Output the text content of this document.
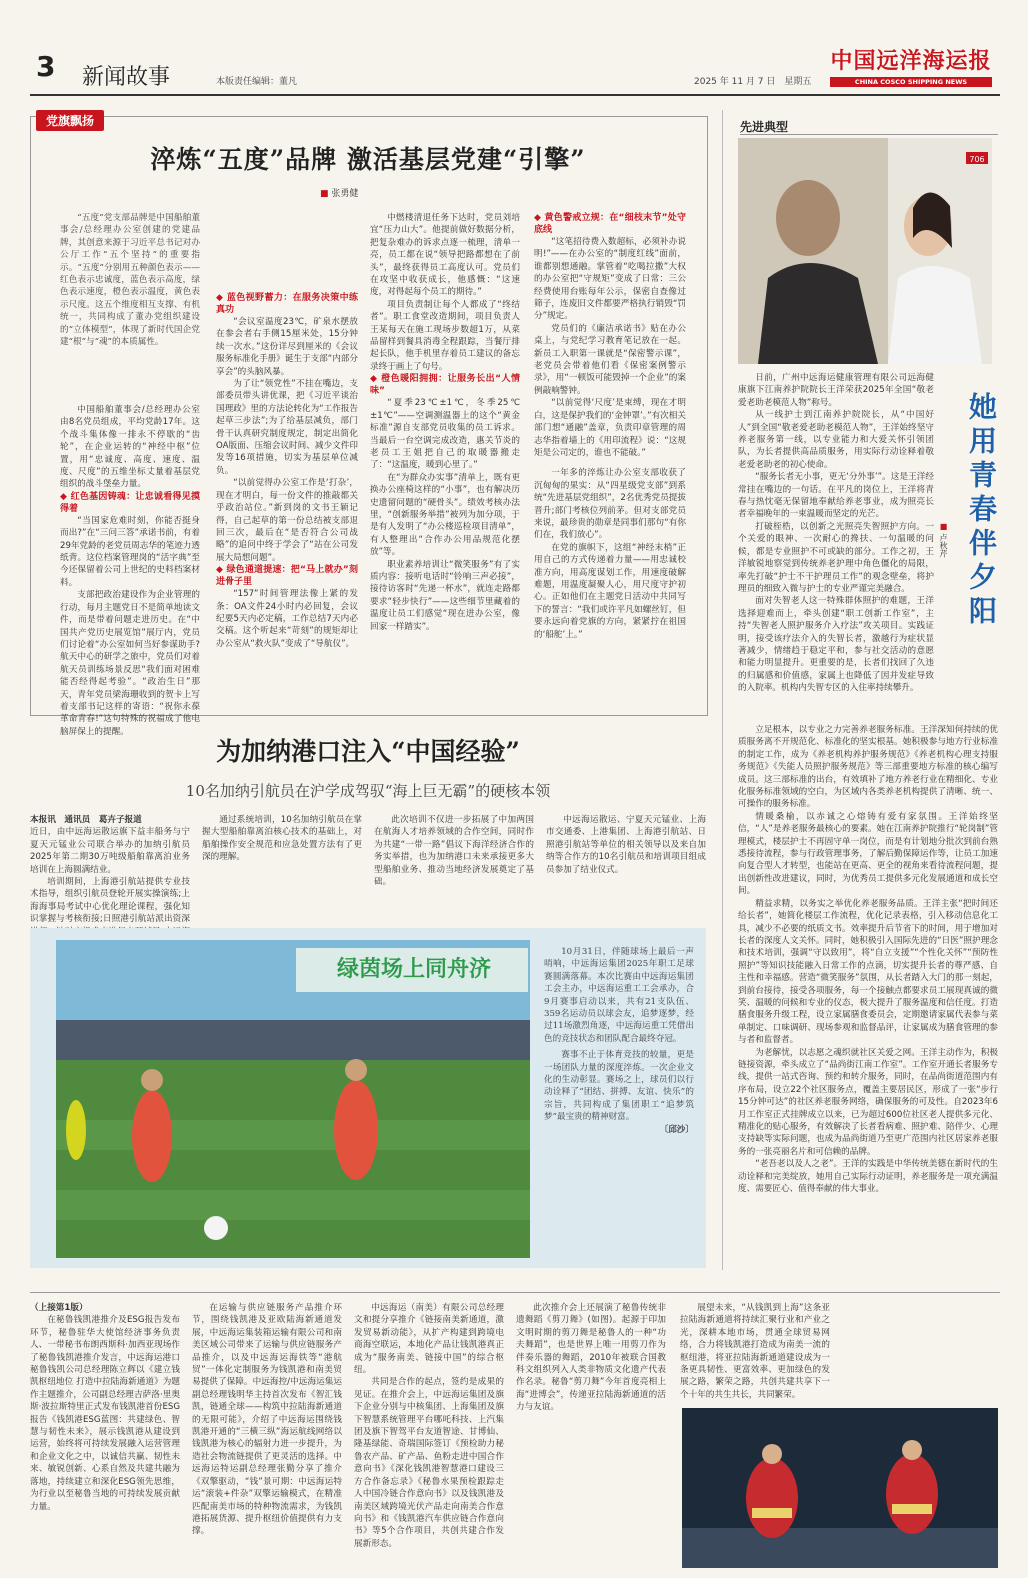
3 新闻故事	本版责任编辑：董凡	2025 年 11 月 7 日　星期五
中国远洋海运报
CHINA COSCO SHIPPING NEWS
党旗飘扬
淬炼“五度”品牌 激活基层党建“引擎”
■ 张勇健

“五度”党支部品牌是中国船舶董事会/总经理办公室创建的党建品牌，其创意来源于习近平总书记对办公厅工作“五个坚持”的重要指示。“五度”分别用五种颜色表示——红色表示忠诚度，蓝色表示高度，绿色表示速度，橙色表示温度，黄色表示尺度。这五个维度相互支撑、有机统一，共同构成了董办党组织建设的“立体模型”，体现了新时代国企党建“根”与“魂”的本质属性。

中国船舶董事会/总经理办公室由8名党员组成，平均党龄17年。这个战斗集体像一排永不停歇的“齿轮”，在企业运转的“神经中枢”位置，用“忠诚度、高度、速度、温度、尺度”的五维坐标丈量着基层党组织的战斗堡垒力量。

◆ 红色基因铸魂：让忠诚看得见摸得着

“当国家危难时刻，你能否挺身而出?”在“三问三答”承诺书前，有着29年党龄的老党员周志华的笔迹力透纸背。这位档案管理岗的“活字典”至今还保留着公司上世纪的史料档案材料。

支部把政治建设作为企业管理的行动，每月主题党日不是简单地读文件，而是带着问题走进历史。在“中国共产党历史展览馆”展厅内，党员们讨论着“办公室如何当好参谋助手?航天中心的研学之旅中，党员们对着航天员训练场景反思“我们面对困难能否经得起考验”。“政治生日”那天，青年党员梁海珊收到的贺卡上写着支部书记这样的寄语：“祝你永葆革命青春!”这句特殊的祝福成了他电脑屏保上的提醒。

◆ 蓝色视野蓄力：在服务决策中练真功

“会议室温度23℃，矿泉水摆放在参会者右手侧15厘米处，15分钟续一次水。”这份详尽到厘米的《会议服务标准化手册》诞生于支部“内部分享会”的头脑风暴。

为了让“领党性”不挂在嘴边，支部委员带头讲优课，把《习近平谈治国理政》里的方法论转化为“工作报告起草三步法”;为了给基层减负，部门骨干认真研究制度规定，制定出简化OA版面、压缩会议时间、减少文件印发等16项措施，切实为基层单位减负。

“以前觉得办公室工作是‘打杂’，现在才明白，每一份文件的推敲都关乎政治站位。”新到岗的文书王颖记得，自己起草的第一份总结被支部退回三次，最后在“是否符合公司战略”的追问中终于学会了“站在公司发展大局想问题”。

◆ 绿色通道提速：把“马上就办”刻进骨子里

“157”时间管理法像上紧的发条：OA文件24小时内必回复，会议纪要5天内必定稿，工作总结7天内必交稿。这个听起来“苛刻”的规矩却让办公室从“救火队”变成了“导航仪”。

中燃楼清退任务下达时，党员刘培宜“压力山大”。他提前做好数据分析，把复杂难办的诉求点逐一梳理，清单一亮，员工都在说“领导把路都想在了前头”，最终获得员工高度认可。党员们在攻坚中收获成长，他感慨：“这速度，对得起每个员工的期待。”

项目负责制让每个人都成了“终结者”。职工食堂改造期间，项目负责人王某每天在施工现场步数超1万，从菜品留样到餐具消毒全程跟踪，当餐厅排起长队，他手机里存着员工建议的备忘录终于画上了句号。

◆ 橙色暖阳拥拥：让服务长出“人情味”

“夏季23℃±1℃，冬季25℃±1℃”——空调测温器上的这个“黄金标准”源自支部党员收集的员工诉求。当最后一台空调完成改造，惠关节炎的老员工王姐把自己的取暖器搬走了：“这温度，暖到心里了。”

在“为群众办实事”清单上，既有更换办公座椅这样的“小事”，也有解决历史遗留问题的“硬骨头”。绩效考核办法里，“创新服务举措”被列为加分项，于是有人发明了“办公楼巡检项目清单”，有人整理出“合作办公用品规范化摆放”等。

职业素养培训让“微笑服务”有了实质内容：接听电话时“铃响三声必接”，接待访客时“先递一杯水”，就连走路都要求“轻步快行”——这些细节里藏着的温度让员工们感觉“现在进办公室，像回家一样踏实”。

◆ 黄色警戒立规：在“细枝末节”处守底线

“这笔招待费入数超标，必须补办说明!”——在办公室的“制度红线”面前，谁都别想通融。掌管着“吃喝拉撒”大权的办公室把“守规矩”变成了日常：三公经费使用台账每年公示，保密自查像过筛子，连废旧文件都要严格执行销毁“罚分”规定。

党员们的《廉洁承诺书》贴在办公桌上，与党纪学习教育笔记放在一起。新员工入职第一课就是“保密警示课”，老党员会带着他们看《保密案例警示录》，用“一顿饭可能毁掉一个企业”的案例敲响警钟。

“以前觉得‘尺度’是束缚，现在才明白，这是保护我们的‘金钟罩’。”有次相关部门想“通融”盖章，负责印章管理的周志华指着墙上的《用印流程》说：“这规矩是公司定的，谁也不能破。”

一年多的淬炼让办公室支部收获了沉甸甸的果实：从“四星级党支部”到系统“先进基层党组织”，2名优秀党员提拔晋升;部门考核位列前茅。但对支部党员来说，最珍贵的勋章是同事们那句“有你们在，我们放心”。

在党的旗帜下，这组“神经末梢”正用自己的方式传递着力量——用忠诚校准方向，用高度谋划工作，用速度破解难题，用温度凝聚人心，用尺度守护初心。正如他们在主题党日活动中共同写下的誓言：“我们或许平凡如螺丝钉，但要永远向着党旗的方向，紧紧拧在祖国的‘船舵’上。”

先进典型
706
她用青春伴夕阳
■ 卢秋芹

日前，广州中远海运健康管理有限公司远海健康旗下江南养护院院长王洋荣获2025年全国“敬老爱老助老模范人物”称号。

从一线护士到江南养护院院长，从“中国好人”到全国“敬老爱老助老模范人物”，王洋始终坚守养老服务第一线，以专业能力和大爱关怀引领团队，为长者提供高品质服务，用实际行动诠释着敬老爱老助老的初心使命。

“服务长者无小事，更无‘分外事’”。这是王洋经常挂在嘴边的一句话。在平凡的岗位上，王洋将青春与热忱毫无保留地奉献给养老事业，成为照亮长者幸福晚年的一束温暖而坚定的光芒。

打破桎梏，以创新之光照亮失智照护方向。一个关爱的眼神、一次耐心的搀扶、一句温暖的问候，都是专业照护不可或缺的部分。工作之初，王洋敏锐地察觉到传统养老护理中角色僵化的局限，率先打破“护士不干护理员工作”的观念壁垒，将护理员的细致入微与护士的专业严谨完美融合。

面对失智老人这一特殊群体照护的难题，王洋选择迎难而上，牵头创建“职工创新工作室”，主持“失智老人照护服务介入疗法”攻关项目。实践证明，接受该疗法介入的失智长者，激越行为症状显著减少，情绪趋于稳定平和，参与社交活动的意愿和能力明显提升。更重要的是，长者们找回了久违的归属感和价值感，家属上也降低了因并发症导致的入院率。机构内失智专区的入住率持续攀升。

立足根本，以专业之力完善养老服务标准。王洋深知何持续的优质服务离不开规范化、标准化的坚实根基。她积极参与地方行业标准的制定工作，成为《养老机构养护服务规范》《养老机构心理支持服务规范》《失能人员照护服务规范》等三部重要地方标准的核心编写成员。这三部标准的出台，有效填补了地方养老行业在精细化、专业化服务标准领域的空白，为区域内各类养老机构提供了清晰、统一、可操作的服务标准。

情暖桑榆，以赤诚之心熔铸有爱有家氛围。王洋始终坚信，“人”是养老服务最核心的要素。她在江南养护院推行“轮岗制”管理模式，楼层护士不再固守单一岗位，而是有计划地分批次到前台熟悉接待流程，参与行政管理事务，了解后勤保障运作等，让员工加速向复合型人才转型，也能站在更高、更全的视角来看待流程问题，提出创新性改进建议，同时，为优秀员工提供多元化发展通道和成长空间。

精益求精，以务实之举优化养老服务品质。王洋主张“把时间还给长者”，她简化楼层工作流程，优化记录表格，引入移动信息化工具，减少不必要的纸质文书。效率提升后节省下的时间，用于增加对长者的深度人文关怀。同时，她积极引入国际先进的“日医”照护理念和技术培训，强调“守以致用”，将“自立支援”“个性化关怀”“预防性照护”等知识技能融入日常工作的点滴，切实提升长者的尊严感、自主性和幸福感。营造“微笑服务”氛围，从长者踏入大门的那一刻起，到前台接待，接受各项服务，每一个接触点都要求员工展现真诚的微笑、温暖的问候和专业的仪态，极大提升了服务温度和信任度。打造膳食服务升级工程，设立家属膳食委员会，定期邀请家属代表参与菜单制定、口味调研、现场参观和监督品评，让家属成为膳食管理的参与者和监督者。

为老解忧，以志愿之魂织就社区关爱之网。王洋主动作为，积极链接资源，牵头成立了“品尚街江南工作室”。工作室开通长者服务专线，提供一站式咨询、预约和转介服务，同时，在品尚街道范围内有序布局，设立22个社区服务点，覆盖主要居民区，形成了一张“步行15分钟可达”的社区养老服务网络，确保服务的可及性。自2023年6月工作室正式挂牌成立以来，已为超过600位社区老人提供多元化、精准化的贴心服务，有效解决了长者看病难、照护难、陪伴少、心理支持缺等实际问题，也成为品尚街道乃至更广范围内社区居家养老服务的一张亮丽名片和可信赖的品牌。

“老吾老以及人之老”。王洋的实践是中华传统美德在新时代的生动诠释和完美绽放，她用自己实际行动证明，养老服务是一项充满温度、需要匠心、值得奉献的伟大事业。

为加纳港口注入“中国经验”
10名加纳引航员在沪学成驾驭“海上巨无霸”的硬核本领

本报讯　通讯员　葛卉子报道

近日，由中远海运散运旗下益丰船务与宁夏天元锰业公司联合举办的加纳引航员2025年第二期30万吨级船舶靠离泊业务培训在上海圆满结业。

培训期间，上海港引航站提供专业技术指导，组织引航员登轮开展实操演练;上海海事局考试中心优化理论课程，强化知识掌握与考核衔接;日照港引航站派出资深

通过系统培训，10名加纳引航员在掌握大型船舶靠离泊核心技术的基础上，对船舶操作安全规范和应急处置方法有了更深的理解。

此次培训不仅进一步拓展了中加两国在航海人才培养领域的合作空间，同时作为共建“一带一路”倡议下海洋经济合作的务实举措，也为加纳港口未来承接更多大型船舶业务、推动当地经济发展奠定了基础。

中远海运散运、宁夏天元锰业、上海市交通委、上港集团、上海港引航站、日照港引航站等单位的相关领导以及来自加纳等合作方的10名引航员和培训项目组成员参加了结业仪式。

绿茵场上同舟济

10月31日，伴随球场上最后一声哨响，中远海运集团2025年职工足球赛圆满落幕。本次比赛由中远海运集团工会主办，中远海运重工工会承办，合9月赛事启动以来，共有21支队伍、359名运动员以球会友，追梦逐梦，经过11场激烈角逐，中远海运重工凭借出色的竞技状态和团队配合最终夺冠。

赛事不止于体育竞技的较量，更是一场团队力量的深度淬炼。一次企业文化的生动彰显。赛场之上，球员们以行动诠释了“团结、拼搏、友谊、快乐”的宗旨，共同构成了集团职工“追梦筑梦”最宝贵的精神财富。

〔邱沙〕

（上接第1版）

在秘鲁钱凯港推介及ESG报告发布环节，秘鲁驻华大使馆经济事务负责人、一带秘书布朗西斯科·加西亚现场作了秘鲁钱凯港推介发言，中远海运港口秘鲁钱凯公司总经理陈立辉以《建立钱凯枢纽地位 打造中拉陆海新通道》为题作主题推介，公司副总经理吉萨洛·里奥斯·波拉斯特里正式发布钱凯港首份ESG报告《钱凯港ESG蓝图：共建绿色、智慧与韧性未来》，展示钱凯港从建设到运营，始终将可持续发展融入运营管理和企业文化之中，以诚信共赢、韧性未来、敏锐创新、心系自然及共建共融为落地，持续建立和深化ESG领先思维，为行业以至秘鲁当地的可持续发展贡献力量。

在运输与供应链服务产品推介环节，围绕钱凯港及亚欧陆海新通道发展，中远海运集装箱运输有限公司和南美区域公司带来了运输与供应链服务产品推介，以及中远海运海铁等“港航贸”一体化定制服务为钱凯港和南美贸易提供了保障。中远海控/中远海运集运副总经理钱明华主持首次发布《智汇钱凯，链通全球——构筑中拉陆海新通道的无限可能》，介绍了中远海运围绕钱凯港开通的“三横三纵”海运航线网络以钱凯港为核心的辐射力进一步提升，为造社会物流链提供了更灵活的选择。中远海运特运副总经理张勤分享了推介《双擎驱动，“钱”景可期：中远海运特运“滚装+件杂”双擎运输模式，在精准匹配南美市场的特种物流需求，为钱凯港拓展货源、提升枢纽价值提供有力支撑。

中远海运（南美）有限公司总经理文和提分享推介《链接南美新通道，激发贸易新动能》，从扩产构建到跨境电商海空联运，本地化产品让钱凯港真正成为“服务南美、链接中国”的综合枢纽。

共同是合作的起点，签约是成果的见证。在推介会上，中远海运集团及旗下企业分别与中核集团、上海集团及旗下智慧系统管理平台哪吒科技、上汽集团及旗下智驾平台友道智途、甘博仙、隆基绿能、奇瑞国际签订《预检助力秘鲁农产品、矿产品、鱼粉走进中国合作意向书》《深化钱凯港智慧港口建设三方合作备忘录》《秘鲁水果预检跟踪走人中国冷链合作意向书》以及钱凯港及南美区域跨境光伏产品走向南美合作意向书》和《钱凯港汽车供应链合作意向书》等5个合作项目，共创共建合作发展新形态。

此次推介会上还展演了秘鲁传统非遗舞蹈《剪刀舞》(如图)。起源于印加文明时期的剪刀舞是秘鲁人的一种“功夫舞蹈”，也是世界上唯一用剪刀作为伴奏乐器的舞蹈，2010年被联合国教科文组织列入人类非物质文化遗产代表作名录。秘鲁“剪刀舞”今年首度亮相上海“进博会”，传递亚拉陆海新通道的活力与友谊。

展望未来，“从钱凯到上海”这条亚拉陆海新通道将持续汇聚行业和产业之光，深耕本地市场，贯通全球贸易网络，合力将钱凯港打造成为南美一流的枢纽港，将亚拉陆海新通道建设成为一条更具韧性、更富效率、更加绿色的发展之路，繁荣之路，共创共建共享下一个十年的共生共长，共同繁荣。
